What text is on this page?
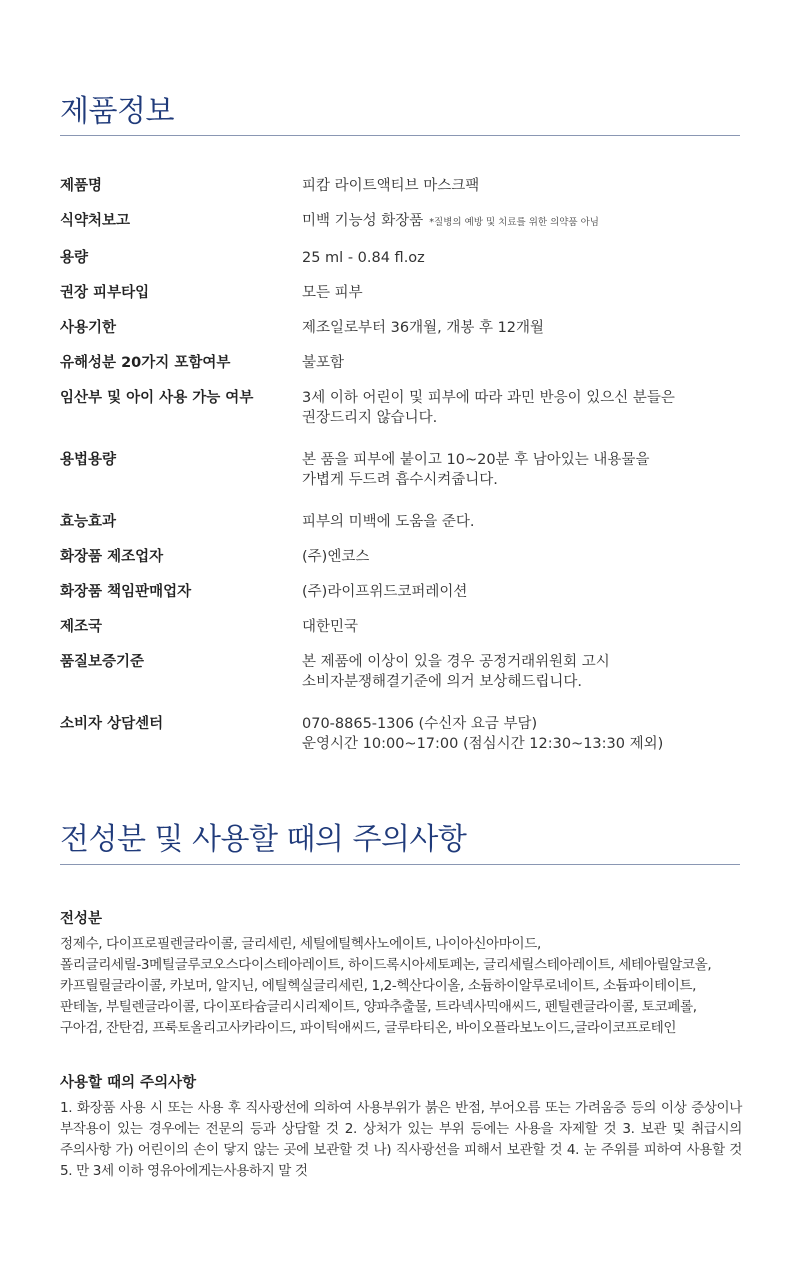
제품정보
제품명	피캄 라이트액티브 마스크팩
식약처보고	미백 기능성 화장품 *질병의 예방 및 치료를 위한 의약품 아님
용량	25 ml - 0.84 fl.oz
권장 피부타입	모든 피부
사용기한	제조일로부터 36개월, 개봉 후 12개월
유해성분 20가지 포함여부	불포함
임산부 및 아이 사용 가능 여부	3세 이하 어린이 및 피부에 따라 과민 반응이 있으신 분들은
권장드리지 않습니다.
용법용량	본 품을 피부에 붙이고 10~20분 후 남아있는 내용물을
가볍게 두드려 흡수시켜줍니다.
효능효과	피부의 미백에 도움을 준다.
화장품 제조업자	(주)엔코스
화장품 책임판매업자	(주)라이프위드코퍼레이션
제조국	대한민국
품질보증기준	본 제품에 이상이 있을 경우 공정거래위원회 고시
소비자분쟁해결기준에 의거 보상해드립니다.
소비자 상담센터	070-8865-1306 (수신자 요금 부담)
운영시간 10:00~17:00 (점심시간 12:30~13:30 제외)
전성분 및 사용할 때의 주의사항
전성분

정제수, 다이프로필렌글라이콜, 글리세린, 세틸에틸헥사노에이트, 나이아신아마이드, 폴리글리세릴-3메틸글루코오스다이스테아레이트, 하이드록시아세토페논, 글리세릴스테아레이트, 세테아릴알코올, 카프릴릴글라이콜, 카보머, 알지닌, 에틸헥실글리세린, 1,2-헥산다이올, 소듐하이알루로네이트, 소듐파이테이트, 판테놀, 부틸렌글라이콜, 다이포타슘글리시리제이트, 양파추출물, 트라넥사믹애씨드, 펜틸렌글라이콜, 토코페롤, 구아검, 잔탄검, 프룩토올리고사카라이드, 파이틱애씨드, 글루타티온, 바이오플라보노이드,글라이코프로테인

사용할 때의 주의사항

1. 화장품 사용 시 또는 사용 후 직사광선에 의하여 사용부위가 붉은 반점, 부어오름 또는 가려움증 등의 이상 증상이나 부작용이 있는 경우에는 전문의 등과 상담할 것 2. 상처가 있는 부위 등에는 사용을 자제할 것 3. 보관 및 취급시의 주의사항 가) 어린이의 손이 닿지 않는 곳에 보관할 것 나) 직사광선을 피해서 보관할 것 4. 눈 주위를 피하여 사용할 것 5. 만 3세 이하 영유아에게는사용하지 말 것
